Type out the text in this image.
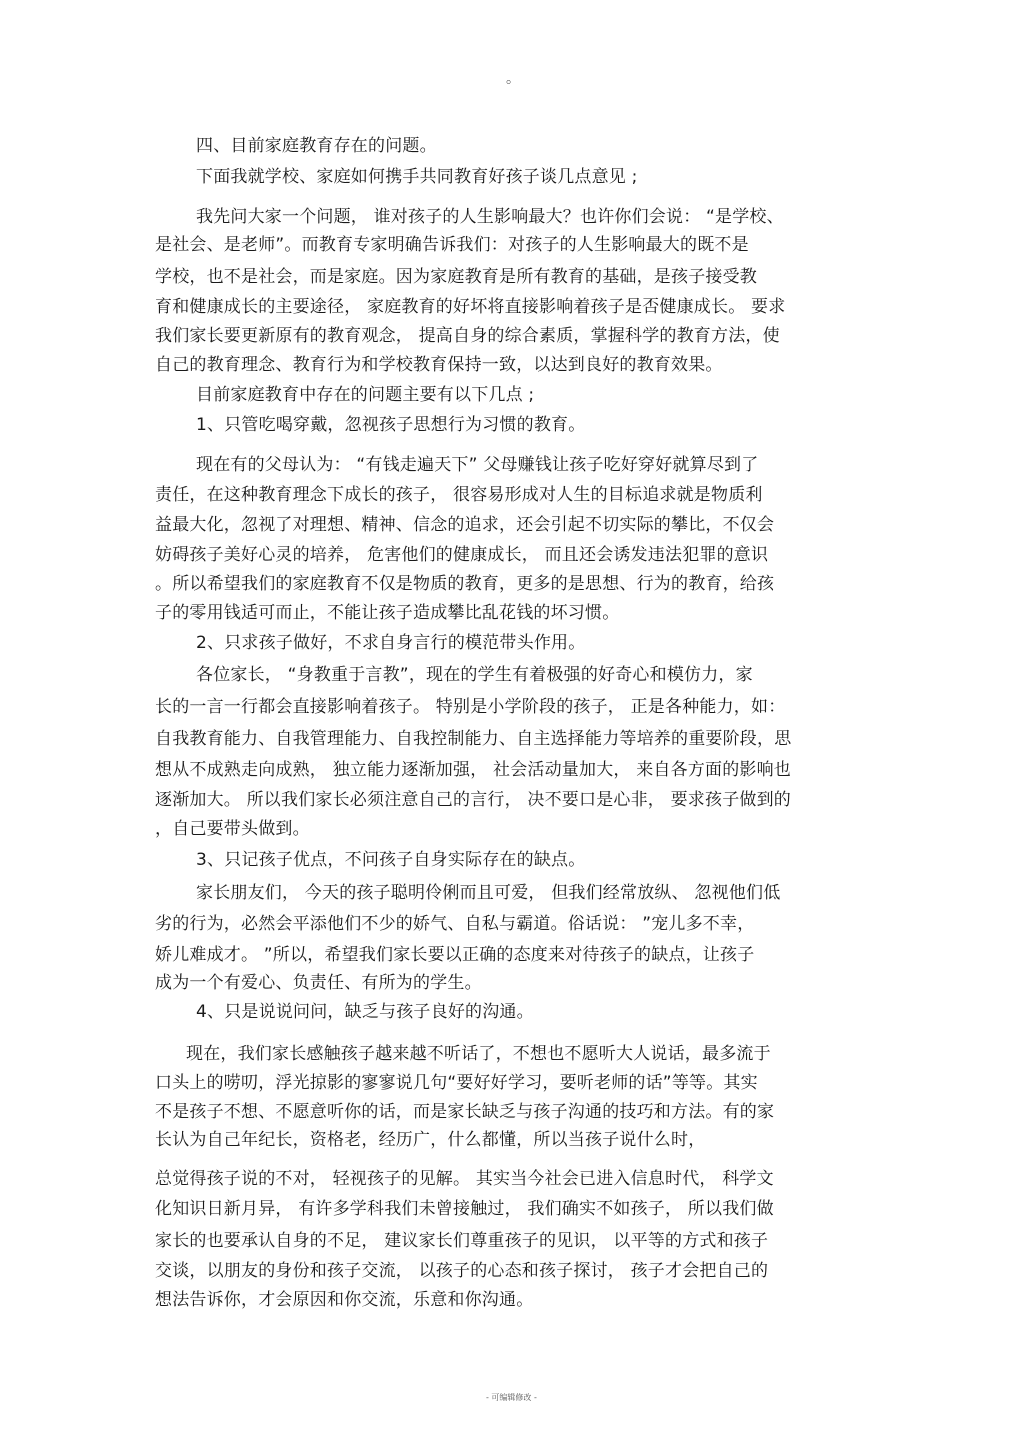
。
四、目前家庭教育存在的问题。
下面我就学校、家庭如何携手共同教育好孩子谈几点意见 ;
我先问大家一个问题， 谁对孩子的人生影响最大？也许你们会说： “是学校、
是社会、是老师”。而教育专家明确告诉我们：对孩子的人生影响最大的既不是
学校，也不是社会，而是家庭。因为家庭教育是所有教育的基础，是孩子接受教
育和健康成长的主要途径， 家庭教育的好坏将直接影响着孩子是否健康成长。 要求
我们家长要更新原有的教育观念， 提高自身的综合素质，掌握科学的教育方法，使
自己的教育理念、教育行为和学校教育保持一致，以达到良好的教育效果。
目前家庭教育中存在的问题主要有以下几点 ;
1、只管吃喝穿戴，忽视孩子思想行为习惯的教育。
现在有的父母认为： “有钱走遍天下” 父母赚钱让孩子吃好穿好就算尽到了
责任，在这种教育理念下成长的孩子， 很容易形成对人生的目标追求就是物质利
益最大化，忽视了对理想、精神、信念的追求，还会引起不切实际的攀比，不仅会
妨碍孩子美好心灵的培养， 危害他们的健康成长， 而且还会诱发违法犯罪的意识
。所以希望我们的家庭教育不仅是物质的教育，更多的是思想、行为的教育，给孩
子的零用钱适可而止，不能让孩子造成攀比乱花钱的坏习惯。
2、只求孩子做好，不求自身言行的模范带头作用。
各位家长， “身教重于言教”，现在的学生有着极强的好奇心和模仿力，家
长的一言一行都会直接影响着孩子。 特别是小学阶段的孩子， 正是各种能力，如：
自我教育能力、自我管理能力、自我控制能力、自主选择能力等培养的重要阶段，思
想从不成熟走向成熟， 独立能力逐渐加强， 社会活动量加大， 来自各方面的影响也
逐渐加大。 所以我们家长必须注意自己的言行， 决不要口是心非， 要求孩子做到的
，自己要带头做到。
3、只记孩子优点，不问孩子自身实际存在的缺点。
家长朋友们， 今天的孩子聪明伶俐而且可爱， 但我们经常放纵、 忽视他们低
劣的行为，必然会平添他们不少的娇气、自私与霸道。俗话说： ”宠儿多不幸，
娇儿难成才。 ”所以，希望我们家长要以正确的态度来对待孩子的缺点，让孩子
成为一个有爱心、负责任、有所为的学生。
4、只是说说问问，缺乏与孩子良好的沟通。
现在，我们家长感触孩子越来越不听话了，不想也不愿听大人说话，最多流于
口头上的唠叨，浮光掠影的寥寥说几句“要好好学习，要听老师的话”等等。其实
不是孩子不想、不愿意听你的话，而是家长缺乏与孩子沟通的技巧和方法。有的家
长认为自己年纪长，资格老，经历广，什么都懂，所以当孩子说什么时，
总觉得孩子说的不对， 轻视孩子的见解。 其实当今社会已进入信息时代， 科学文
化知识日新月异， 有许多学科我们未曾接触过， 我们确实不如孩子， 所以我们做
家长的也要承认自身的不足， 建议家长们尊重孩子的见识， 以平等的方式和孩子
交谈，以朋友的身份和孩子交流， 以孩子的心态和孩子探讨， 孩子才会把自己的
想法告诉你，才会原因和你交流，乐意和你沟通。
- 可编辑修改 -
